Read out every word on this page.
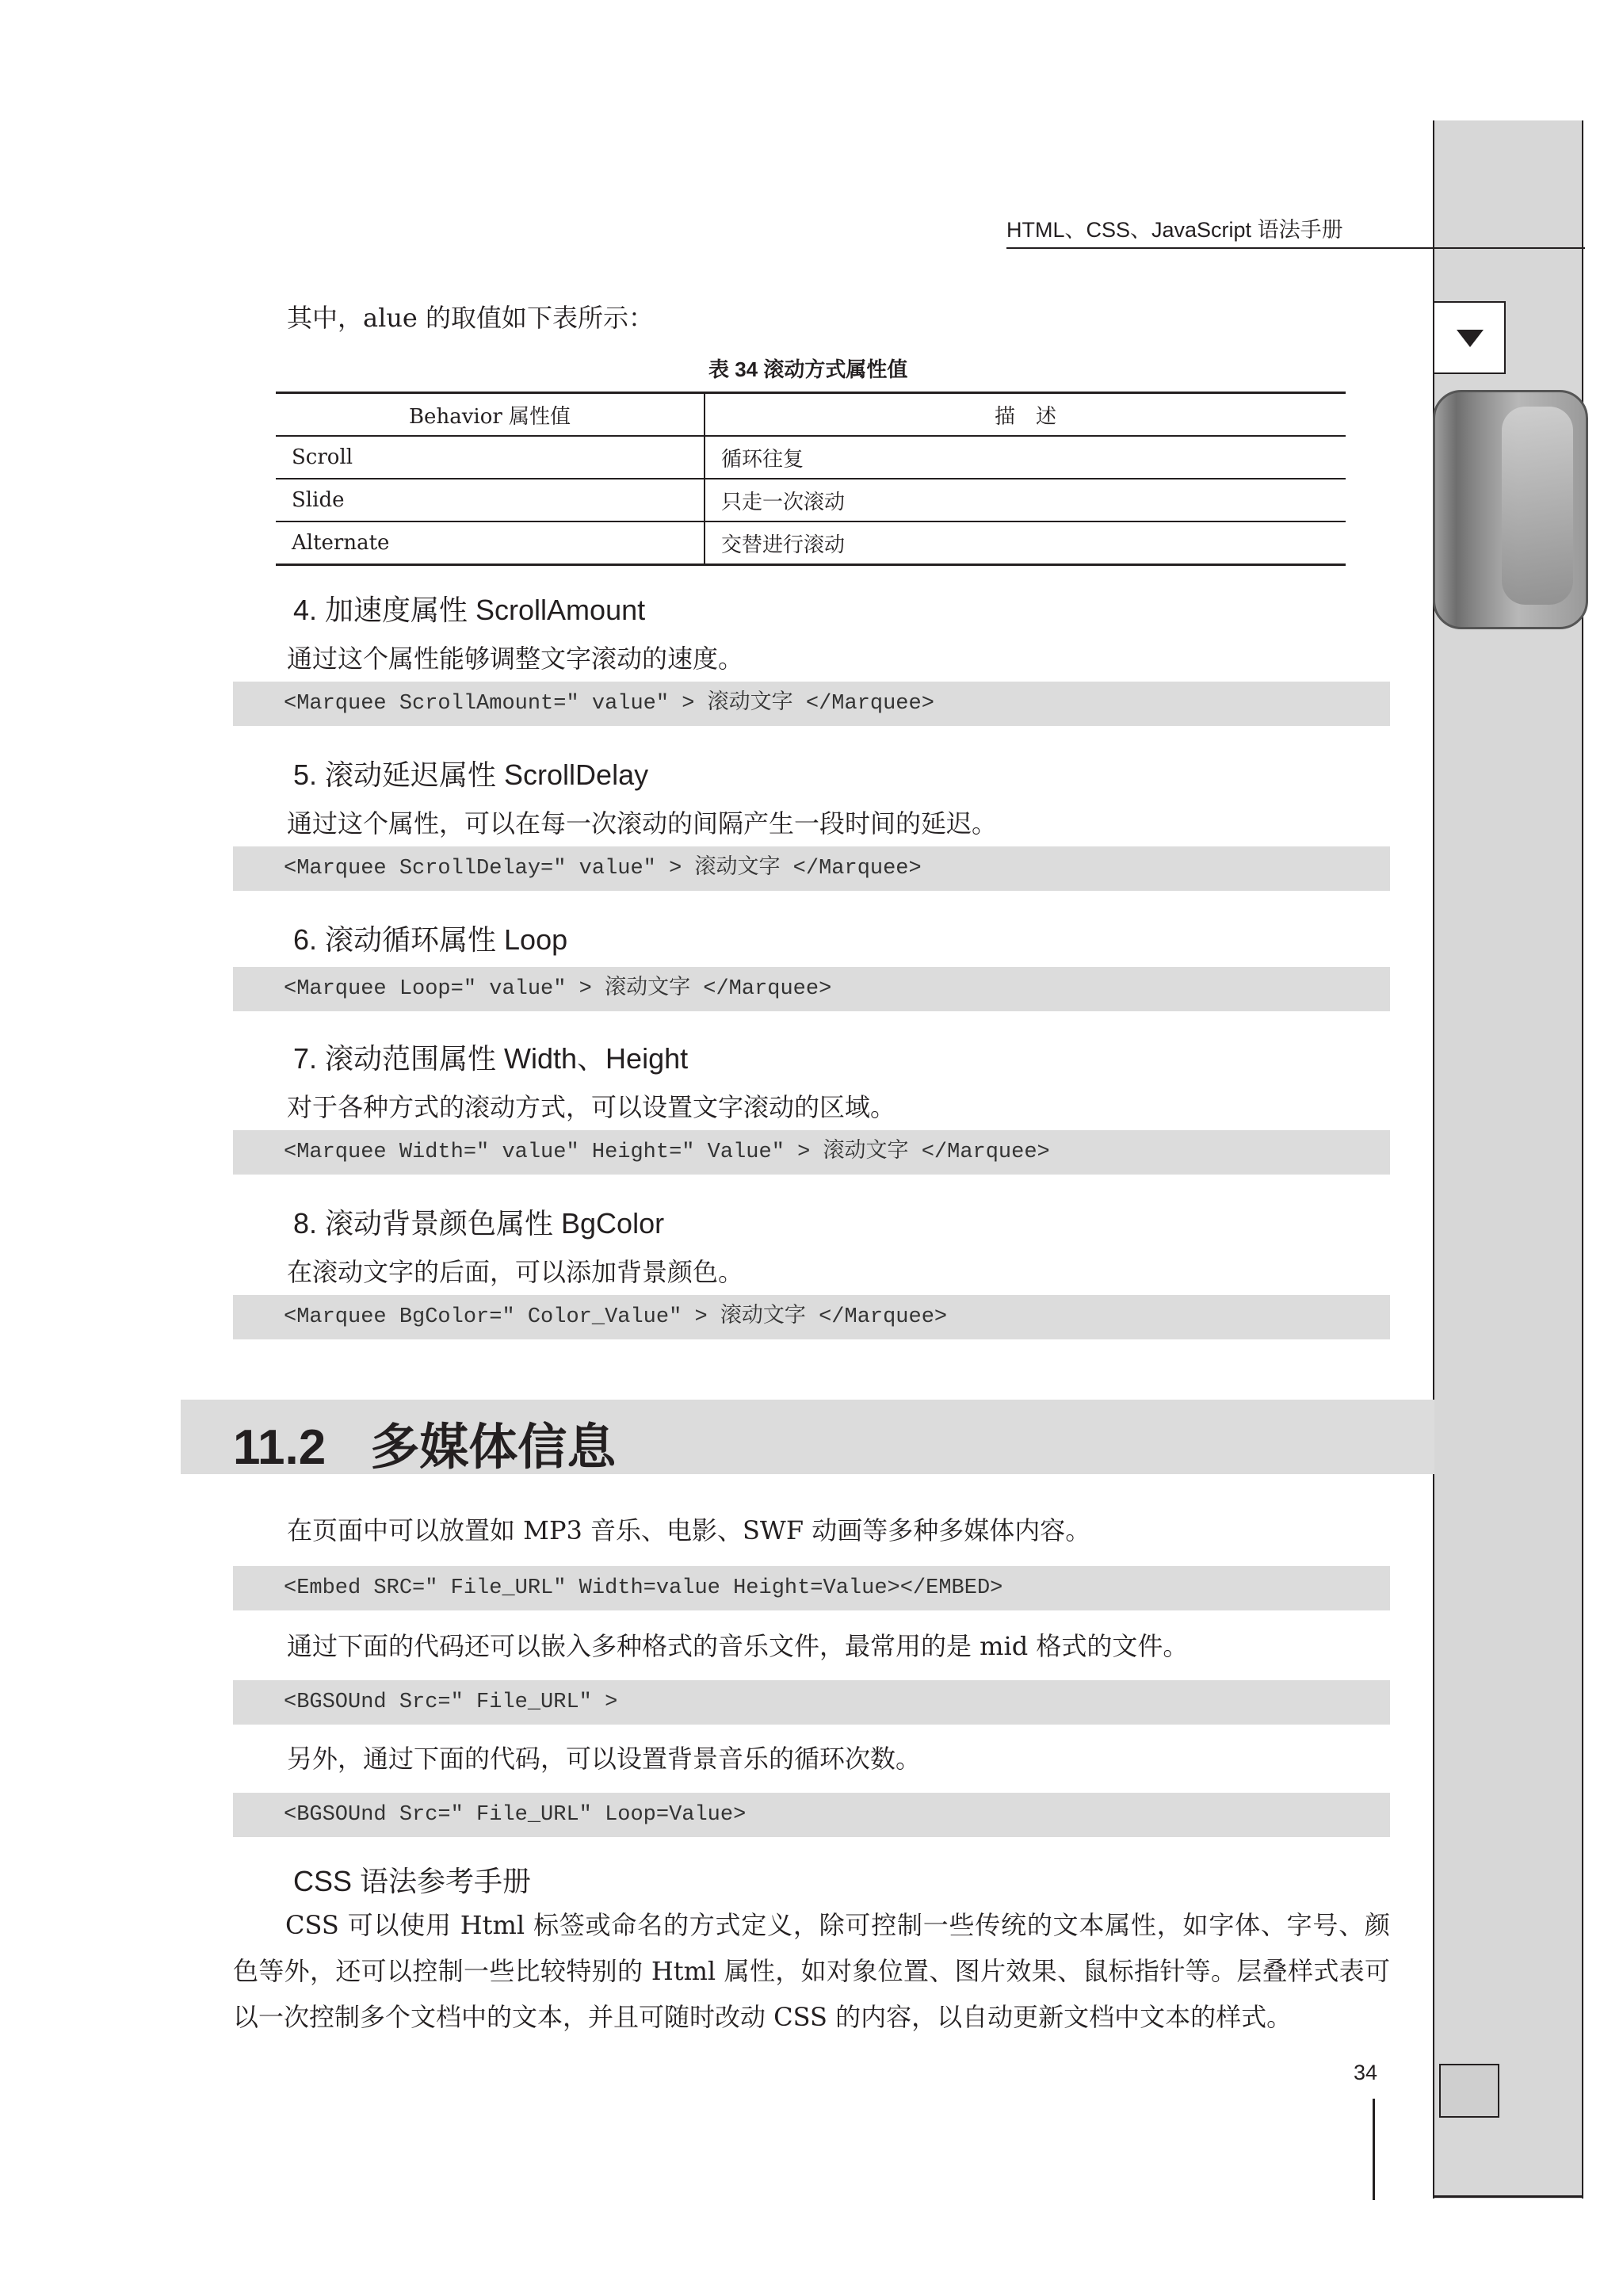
HTML、CSS、JavaScript 语法手册
其中，alue 的取值如下表所示：
表 34 滚动方式属性值
Behavior 属性值	描　述
Scroll	循环往复
Slide	只走一次滚动
Alternate	交替进行滚动
4. 加速度属性 ScrollAmount
通过这个属性能够调整文字滚动的速度。
<Marquee ScrollAmount=" value" > 滚动文字 </Marquee>
5. 滚动延迟属性 ScrollDelay
通过这个属性，可以在每一次滚动的间隔产生一段时间的延迟。
<Marquee ScrollDelay=" value" > 滚动文字 </Marquee>
6. 滚动循环属性 Loop
<Marquee Loop=" value" > 滚动文字 </Marquee>
7. 滚动范围属性 Width、Height
对于各种方式的滚动方式，可以设置文字滚动的区域。
<Marquee Width=" value" Height=" Value" > 滚动文字 </Marquee>
8. 滚动背景颜色属性 BgColor
在滚动文字的后面，可以添加背景颜色。
<Marquee BgColor=" Color_Value" > 滚动文字 </Marquee>
11.2 多媒体信息
在页面中可以放置如 MP3 音乐、电影、SWF 动画等多种多媒体内容。
<Embed SRC=" File_URL" Width=value Height=Value></EMBED>
通过下面的代码还可以嵌入多种格式的音乐文件，最常用的是 mid 格式的文件。
<BGSOUnd Src=" File_URL" >
另外，通过下面的代码，可以设置背景音乐的循环次数。
<BGSOUnd Src=" File_URL" Loop=Value>
CSS 语法参考手册
CSS 可以使用 Html 标签或命名的方式定义，除可控制一些传统的文本属性，如字体、字号、颜色等外，还可以控制一些比较特别的 Html 属性，如对象位置、图片效果、鼠标指针等。层叠样式表可以一次控制多个文档中的文本，并且可随时改动 CSS 的内容，以自动更新文档中文本的样式。
34
